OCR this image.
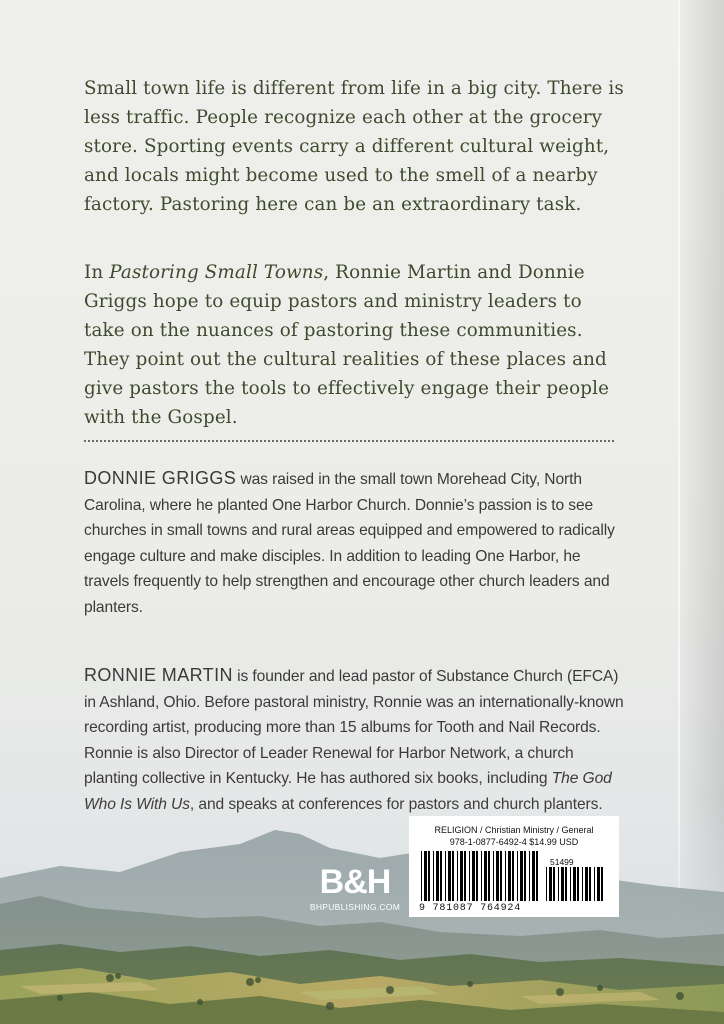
Small town life is different from life in a big city. There is less traffic. People recognize each other at the grocery store. Sporting events carry a different cultural weight, and locals might become used to the smell of a nearby factory. Pastoring here can be an extraordinary task.

In Pastoring Small Towns, Ronnie Martin and Donnie Griggs hope to equip pastors and ministry leaders to take on the nuances of pastoring these communities. They point out the cultural realities of these places and give pastors the tools to effectively engage their people with the Gospel.

DONNIE GRIGGS was raised in the small town Morehead City, North Carolina, where he planted One Harbor Church. Donnie’s passion is to see churches in small towns and rural areas equipped and empowered to radically engage culture and make disciples. In addition to leading One Harbor, he travels frequently to help strengthen and encourage other church leaders and planters.

RONNIE MARTIN is founder and lead pastor of Substance Church (EFCA) in Ashland, Ohio. Before pastoral ministry, Ronnie was an internationally-known recording artist, producing more than 15 albums for Tooth and Nail Records. Ronnie is also Director of Leader Renewal for Harbor Network, a church planting collective in Kentucky. He has authored six books, including The God

B&H
BHPUBLISHING.COM
RELIGION / Christian Ministry / General
978-1-0877-6492-4 $14.99 USD
51499
9 781087 764924
